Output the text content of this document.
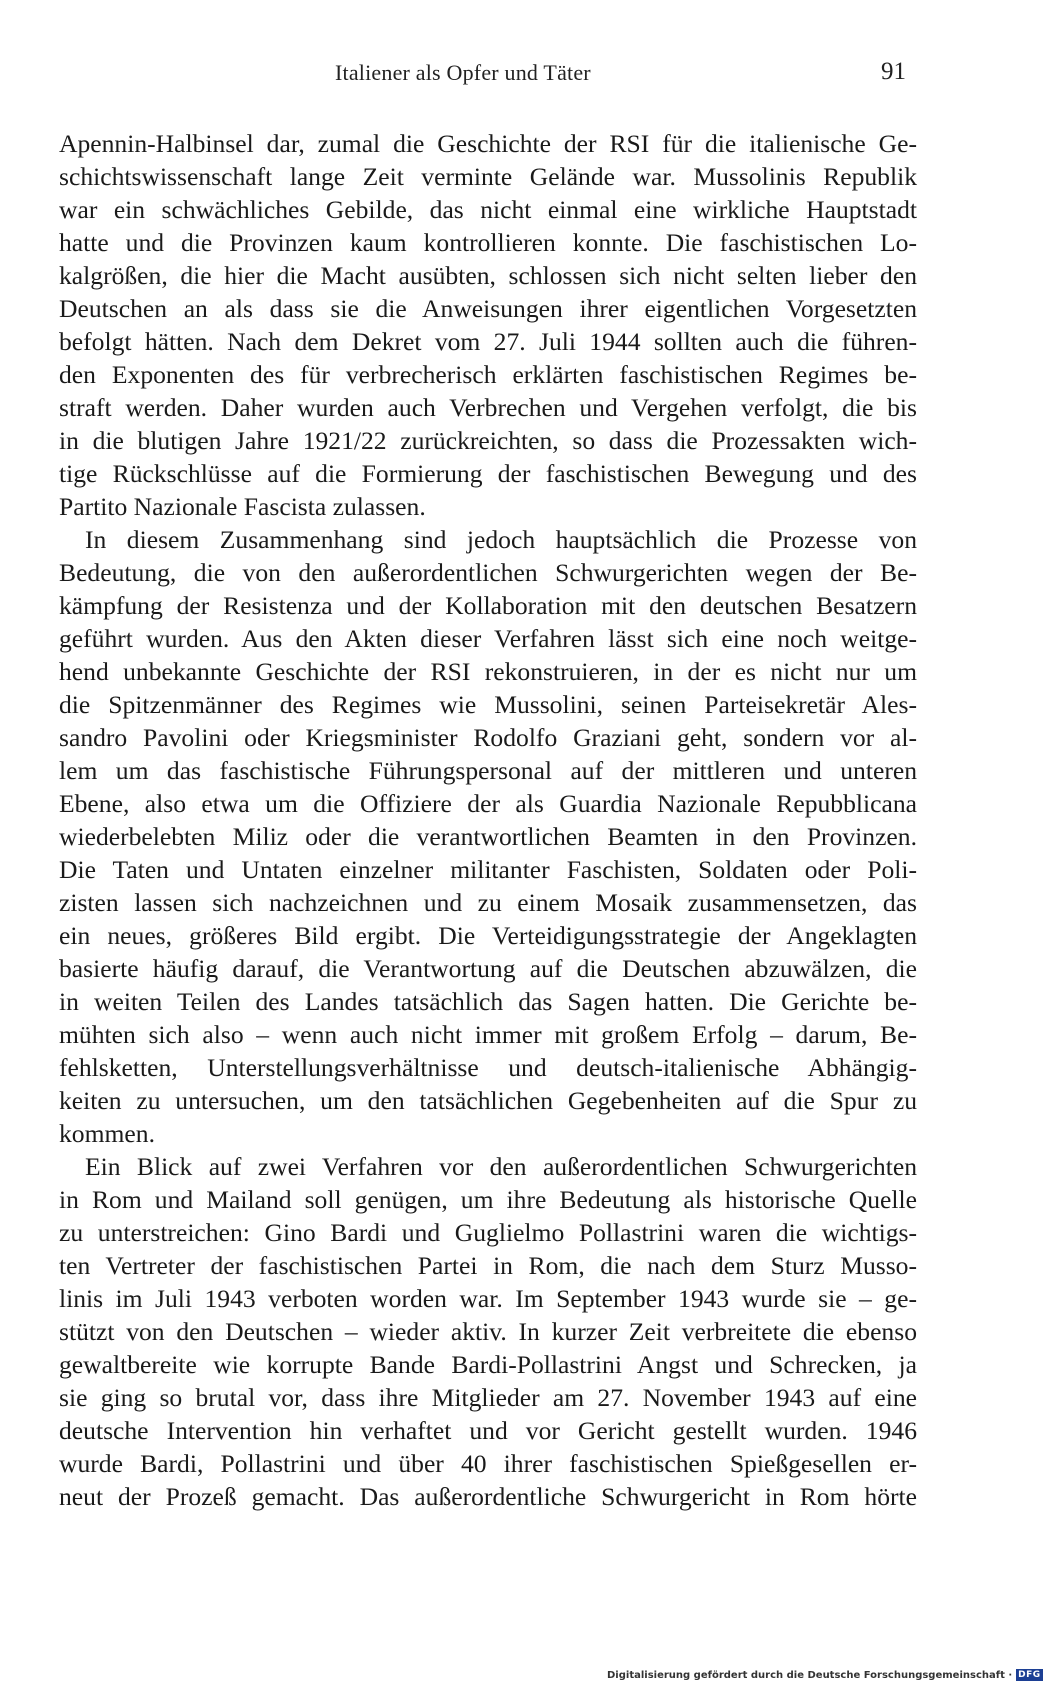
Italiener als Opfer und Täter	91
Apennin-Halbinsel dar, zumal die Geschichte der RSI für die italienische Ge-
schichtswissenschaft lange Zeit verminte Gelände war. Mussolinis Republik
war ein schwächliches Gebilde, das nicht einmal eine wirkliche Hauptstadt
hatte und die Provinzen kaum kontrollieren konnte. Die faschistischen Lo-
kalgrößen, die hier die Macht ausübten, schlossen sich nicht selten lieber den
Deutschen an als dass sie die Anweisungen ihrer eigentlichen Vorgesetzten
befolgt hätten. Nach dem Dekret vom 27. Juli 1944 sollten auch die führen-
den Exponenten des für verbrecherisch erklärten faschistischen Regimes be-
straft werden. Daher wurden auch Verbrechen und Vergehen verfolgt, die bis
in die blutigen Jahre 1921/22 zurückreichten, so dass die Prozessakten wich-
tige Rückschlüsse auf die Formierung der faschistischen Bewegung und des
Partito Nazionale Fascista zulassen.
In diesem Zusammenhang sind jedoch hauptsächlich die Prozesse von
Bedeutung, die von den außerordentlichen Schwurgerichten wegen der Be-
kämpfung der Resistenza und der Kollaboration mit den deutschen Besatzern
geführt wurden. Aus den Akten dieser Verfahren lässt sich eine noch weitge-
hend unbekannte Geschichte der RSI rekonstruieren, in der es nicht nur um
die Spitzenmänner des Regimes wie Mussolini, seinen Parteisekretär Ales-
sandro Pavolini oder Kriegsminister Rodolfo Graziani geht, sondern vor al-
lem um das faschistische Führungspersonal auf der mittleren und unteren
Ebene, also etwa um die Offiziere der als Guardia Nazionale Repubblicana
wiederbelebten Miliz oder die verantwortlichen Beamten in den Provinzen.
Die Taten und Untaten einzelner militanter Faschisten, Soldaten oder Poli-
zisten lassen sich nachzeichnen und zu einem Mosaik zusammensetzen, das
ein neues, größeres Bild ergibt. Die Verteidigungsstrategie der Angeklagten
basierte häufig darauf, die Verantwortung auf die Deutschen abzuwälzen, die
in weiten Teilen des Landes tatsächlich das Sagen hatten. Die Gerichte be-
mühten sich also – wenn auch nicht immer mit großem Erfolg – darum, Be-
fehlsketten, Unterstellungsverhältnisse und deutsch-italienische Abhängig-
keiten zu untersuchen, um den tatsächlichen Gegebenheiten auf die Spur zu
kommen.
Ein Blick auf zwei Verfahren vor den außerordentlichen Schwurgerichten
in Rom und Mailand soll genügen, um ihre Bedeutung als historische Quelle
zu unterstreichen: Gino Bardi und Guglielmo Pollastrini waren die wichtigs-
ten Vertreter der faschistischen Partei in Rom, die nach dem Sturz Musso-
linis im Juli 1943 verboten worden war. Im September 1943 wurde sie – ge-
stützt von den Deutschen – wieder aktiv. In kurzer Zeit verbreitete die ebenso
gewaltbereite wie korrupte Bande Bardi-Pollastrini Angst und Schrecken, ja
sie ging so brutal vor, dass ihre Mitglieder am 27. November 1943 auf eine
deutsche Intervention hin verhaftet und vor Gericht gestellt wurden. 1946
wurde Bardi, Pollastrini und über 40 ihrer faschistischen Spießgesellen er-
neut der Prozeß gemacht. Das außerordentliche Schwurgericht in Rom hörte
Digitalisierung gefördert durch die Deutsche Forschungsgemeinschaft · DFG
